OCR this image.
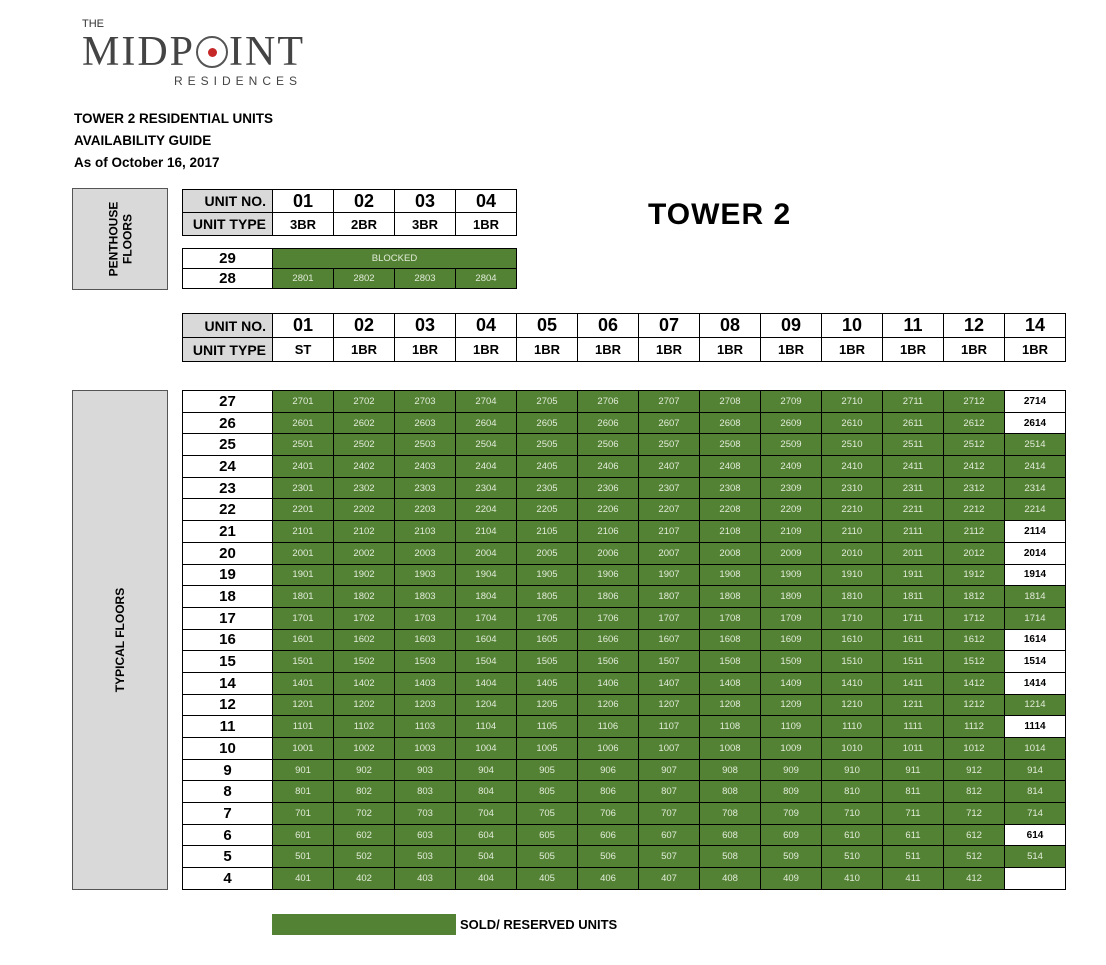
THE
MIDP INT
RESIDENCES
TOWER 2 RESIDENTIAL UNITS
AVAILABILITY GUIDE
As of October 16, 2017
TOWER 2
PENTHOUSE
FLOORS
TYPICAL FLOORS
UNIT NO.	01	02	03	04
UNIT TYPE	3BR	2BR	3BR	1BR
29	BLOCKED			
28	2801	2802	2803	2804
UNIT NO.	01	02	03	04	05	06	07	08	09	10	11	12	14
UNIT TYPE	ST	1BR	1BR	1BR	1BR	1BR	1BR	1BR	1BR	1BR	1BR	1BR	1BR
27	2701	2702	2703	2704	2705	2706	2707	2708	2709	2710	2711	2712	2714
26	2601	2602	2603	2604	2605	2606	2607	2608	2609	2610	2611	2612	2614
25	2501	2502	2503	2504	2505	2506	2507	2508	2509	2510	2511	2512	2514
24	2401	2402	2403	2404	2405	2406	2407	2408	2409	2410	2411	2412	2414
23	2301	2302	2303	2304	2305	2306	2307	2308	2309	2310	2311	2312	2314
22	2201	2202	2203	2204	2205	2206	2207	2208	2209	2210	2211	2212	2214
21	2101	2102	2103	2104	2105	2106	2107	2108	2109	2110	2111	2112	2114
20	2001	2002	2003	2004	2005	2006	2007	2008	2009	2010	2011	2012	2014
19	1901	1902	1903	1904	1905	1906	1907	1908	1909	1910	1911	1912	1914
18	1801	1802	1803	1804	1805	1806	1807	1808	1809	1810	1811	1812	1814
17	1701	1702	1703	1704	1705	1706	1707	1708	1709	1710	1711	1712	1714
16	1601	1602	1603	1604	1605	1606	1607	1608	1609	1610	1611	1612	1614
15	1501	1502	1503	1504	1505	1506	1507	1508	1509	1510	1511	1512	1514
14	1401	1402	1403	1404	1405	1406	1407	1408	1409	1410	1411	1412	1414
12	1201	1202	1203	1204	1205	1206	1207	1208	1209	1210	1211	1212	1214
11	1101	1102	1103	1104	1105	1106	1107	1108	1109	1110	1111	1112	1114
10	1001	1002	1003	1004	1005	1006	1007	1008	1009	1010	1011	1012	1014
9	901	902	903	904	905	906	907	908	909	910	911	912	914
8	801	802	803	804	805	806	807	808	809	810	811	812	814
7	701	702	703	704	705	706	707	708	709	710	711	712	714
6	601	602	603	604	605	606	607	608	609	610	611	612	614
5	501	502	503	504	505	506	507	508	509	510	511	512	514
4	401	402	403	404	405	406	407	408	409	410	411	412	
SOLD/ RESERVED UNITS
